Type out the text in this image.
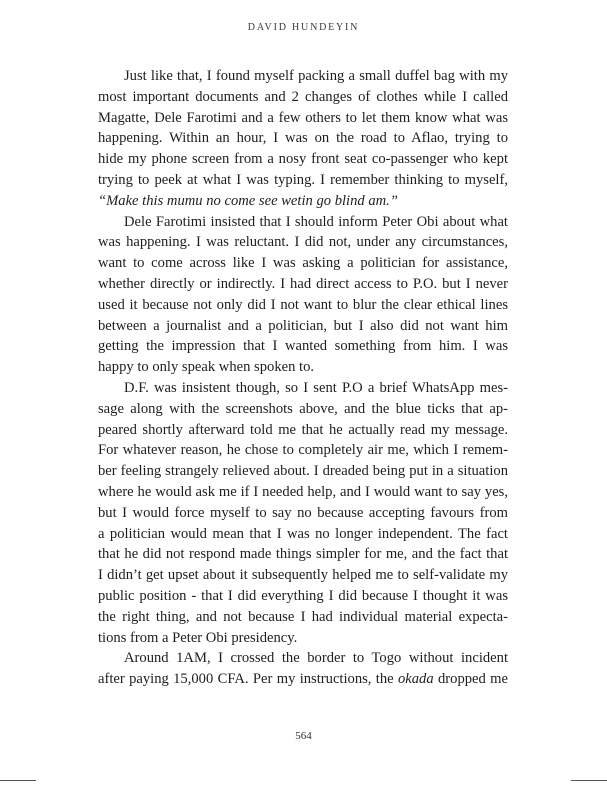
DAVID HUNDEYIN

Just like that, I found myself packing a small duffel bag with my
most important documents and 2 changes of clothes while I called
Magatte, Dele Farotimi and a few others to let them know what was
happening. Within an hour, I was on the road to Aflao, trying to
hide my phone screen from a nosy front seat co-passenger who kept
trying to peek at what I was typing. I remember thinking to myself,
“Make this mumu no come see wetin go blind am.”

Dele Farotimi insisted that I should inform Peter Obi about what
was happening. I was reluctant. I did not, under any circumstances,
want to come across like I was asking a politician for assistance,
whether directly or indirectly. I had direct access to P.O. but I never
used it because not only did I not want to blur the clear ethical lines
between a journalist and a politician, but I also did not want him
getting the impression that I wanted something from him. I was
happy to only speak when spoken to.

D.F. was insistent though, so I sent P.O a brief WhatsApp mes-
sage along with the screenshots above, and the blue ticks that ap-
peared shortly afterward told me that he actually read my message.
For whatever reason, he chose to completely air me, which I remem-
ber feeling strangely relieved about. I dreaded being put in a situation
where he would ask me if I needed help, and I would want to say yes,
but I would force myself to say no because accepting favours from
a politician would mean that I was no longer independent. The fact
that he did not respond made things simpler for me, and the fact that
I didn’t get upset about it subsequently helped me to self-validate my
public position - that I did everything I did because I thought it was
the right thing, and not because I had individual material expecta-
tions from a Peter Obi presidency.

Around 1AM, I crossed the border to Togo without incident
after paying 15,000 CFA. Per my instructions, the okada dropped me

564
